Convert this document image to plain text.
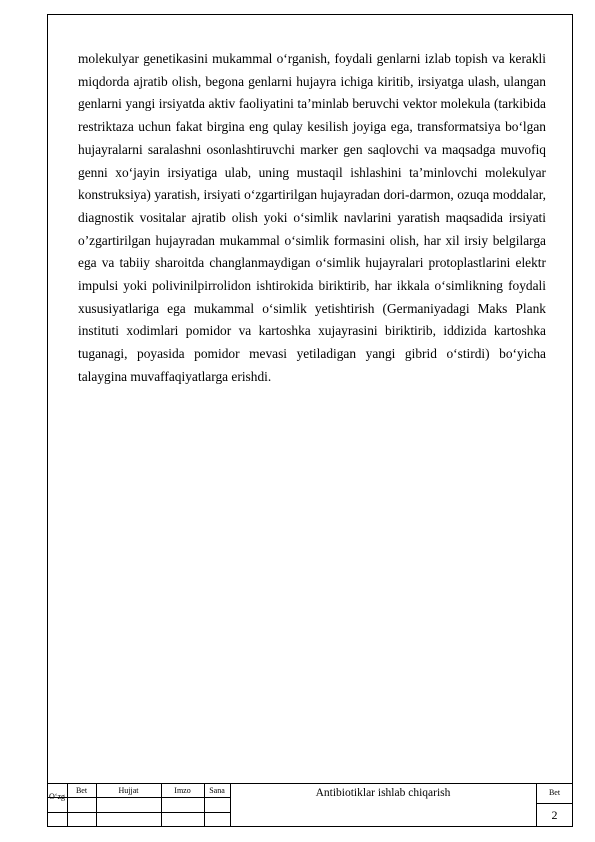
molekulyar genetikasini mukammal o‘rganish, foydali genlarni izlab topish va kerakli miqdorda ajratib olish, begona genlarni hujayra ichiga kiritib, irsiyatga ulash, ulangan genlarni yangi irsiyatda aktiv faoliyatini ta’minlab beruvchi vektor molekula (tarkibida restriktaza uchun fakat birgina eng qulay kesilish joyiga ega, transformatsiya bo‘lgan hujayralarni saralashni osonlashtiruvchi marker gen saqlovchi va maqsadga muvofiq genni xo‘jayin irsiyatiga ulab, uning mustaqil ishlashini ta’minlovchi molekulyar konstruksiya) yaratish, irsiyati o‘zgartirilgan hujayradan dori-darmon, ozuqa moddalar, diagnostik vositalar ajratib olish yoki o‘simlik navlarini yaratish maqsadida irsiyati o’zgartirilgan hujayradan mukammal o‘simlik formasini olish, har xil irsiy belgilarga ega va tabiiy sharoitda changlanmaydigan o‘simlik hujayralari protoplastlarini elektr impulsi yoki polivinilpirrolidon ishtirokida biriktirib, har ikkala o‘simlikning foydali xususiyatlariga ega mukammal o‘simlik yetishtirish (Germaniyadagi Maks Plank instituti xodimlari pomidor va kartoshka xujayrasini biriktirib, iddizida kartoshka tuganagi, poyasida pomidor mevasi yetiladigan yangi gibrid o‘stirdi) bo‘yicha talaygina muvaffaqiyatlarga erishdi.

O‘zg
Bet	Hujjat	Imzo	Sana	Antibiotiklar ishlab chiqarish	Bet
2
